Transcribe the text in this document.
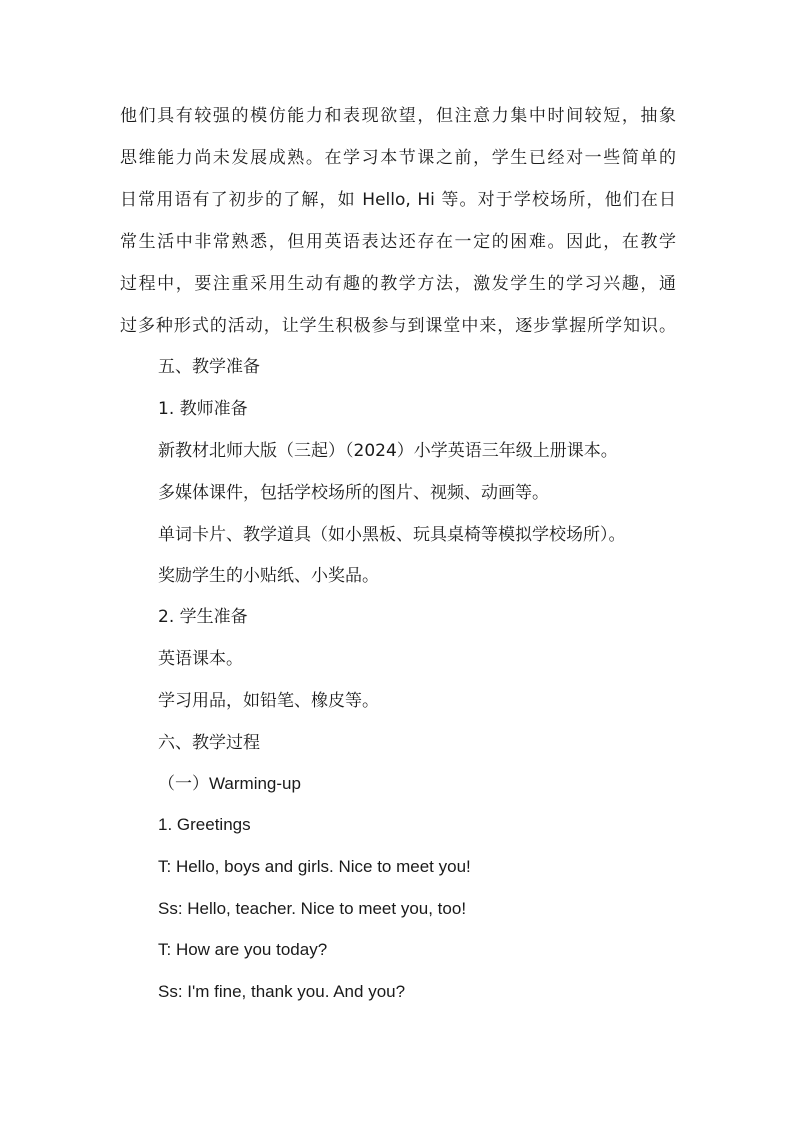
他们具有较强的模仿能力和表现欲望，但注意力集中时间较短，抽象
思维能力尚未发展成熟。在学习本节课之前，学生已经对一些简单的
日常用语有了初步的了解，如 Hello, Hi 等。对于学校场所，他们在日
常生活中非常熟悉，但用英语表达还存在一定的困难。因此，在教学
过程中，要注重采用生动有趣的教学方法，激发学生的学习兴趣，通
过多种形式的活动，让学生积极参与到课堂中来，逐步掌握所学知识。
五、教学准备
1. 教师准备
新教材北师大版（三起）（2024）小学英语三年级上册课本。
多媒体课件，包括学校场所的图片、视频、动画等。
单词卡片、教学道具（如小黑板、玩具桌椅等模拟学校场所）。
奖励学生的小贴纸、小奖品。
2. 学生准备
英语课本。
学习用品，如铅笔、橡皮等。
六、教学过程
（一）Warming-up
1. Greetings
T: Hello, boys and girls. Nice to meet you!
Ss: Hello, teacher. Nice to meet you, too!
T: How are you today?
Ss: I'm fine, thank you. And you?
